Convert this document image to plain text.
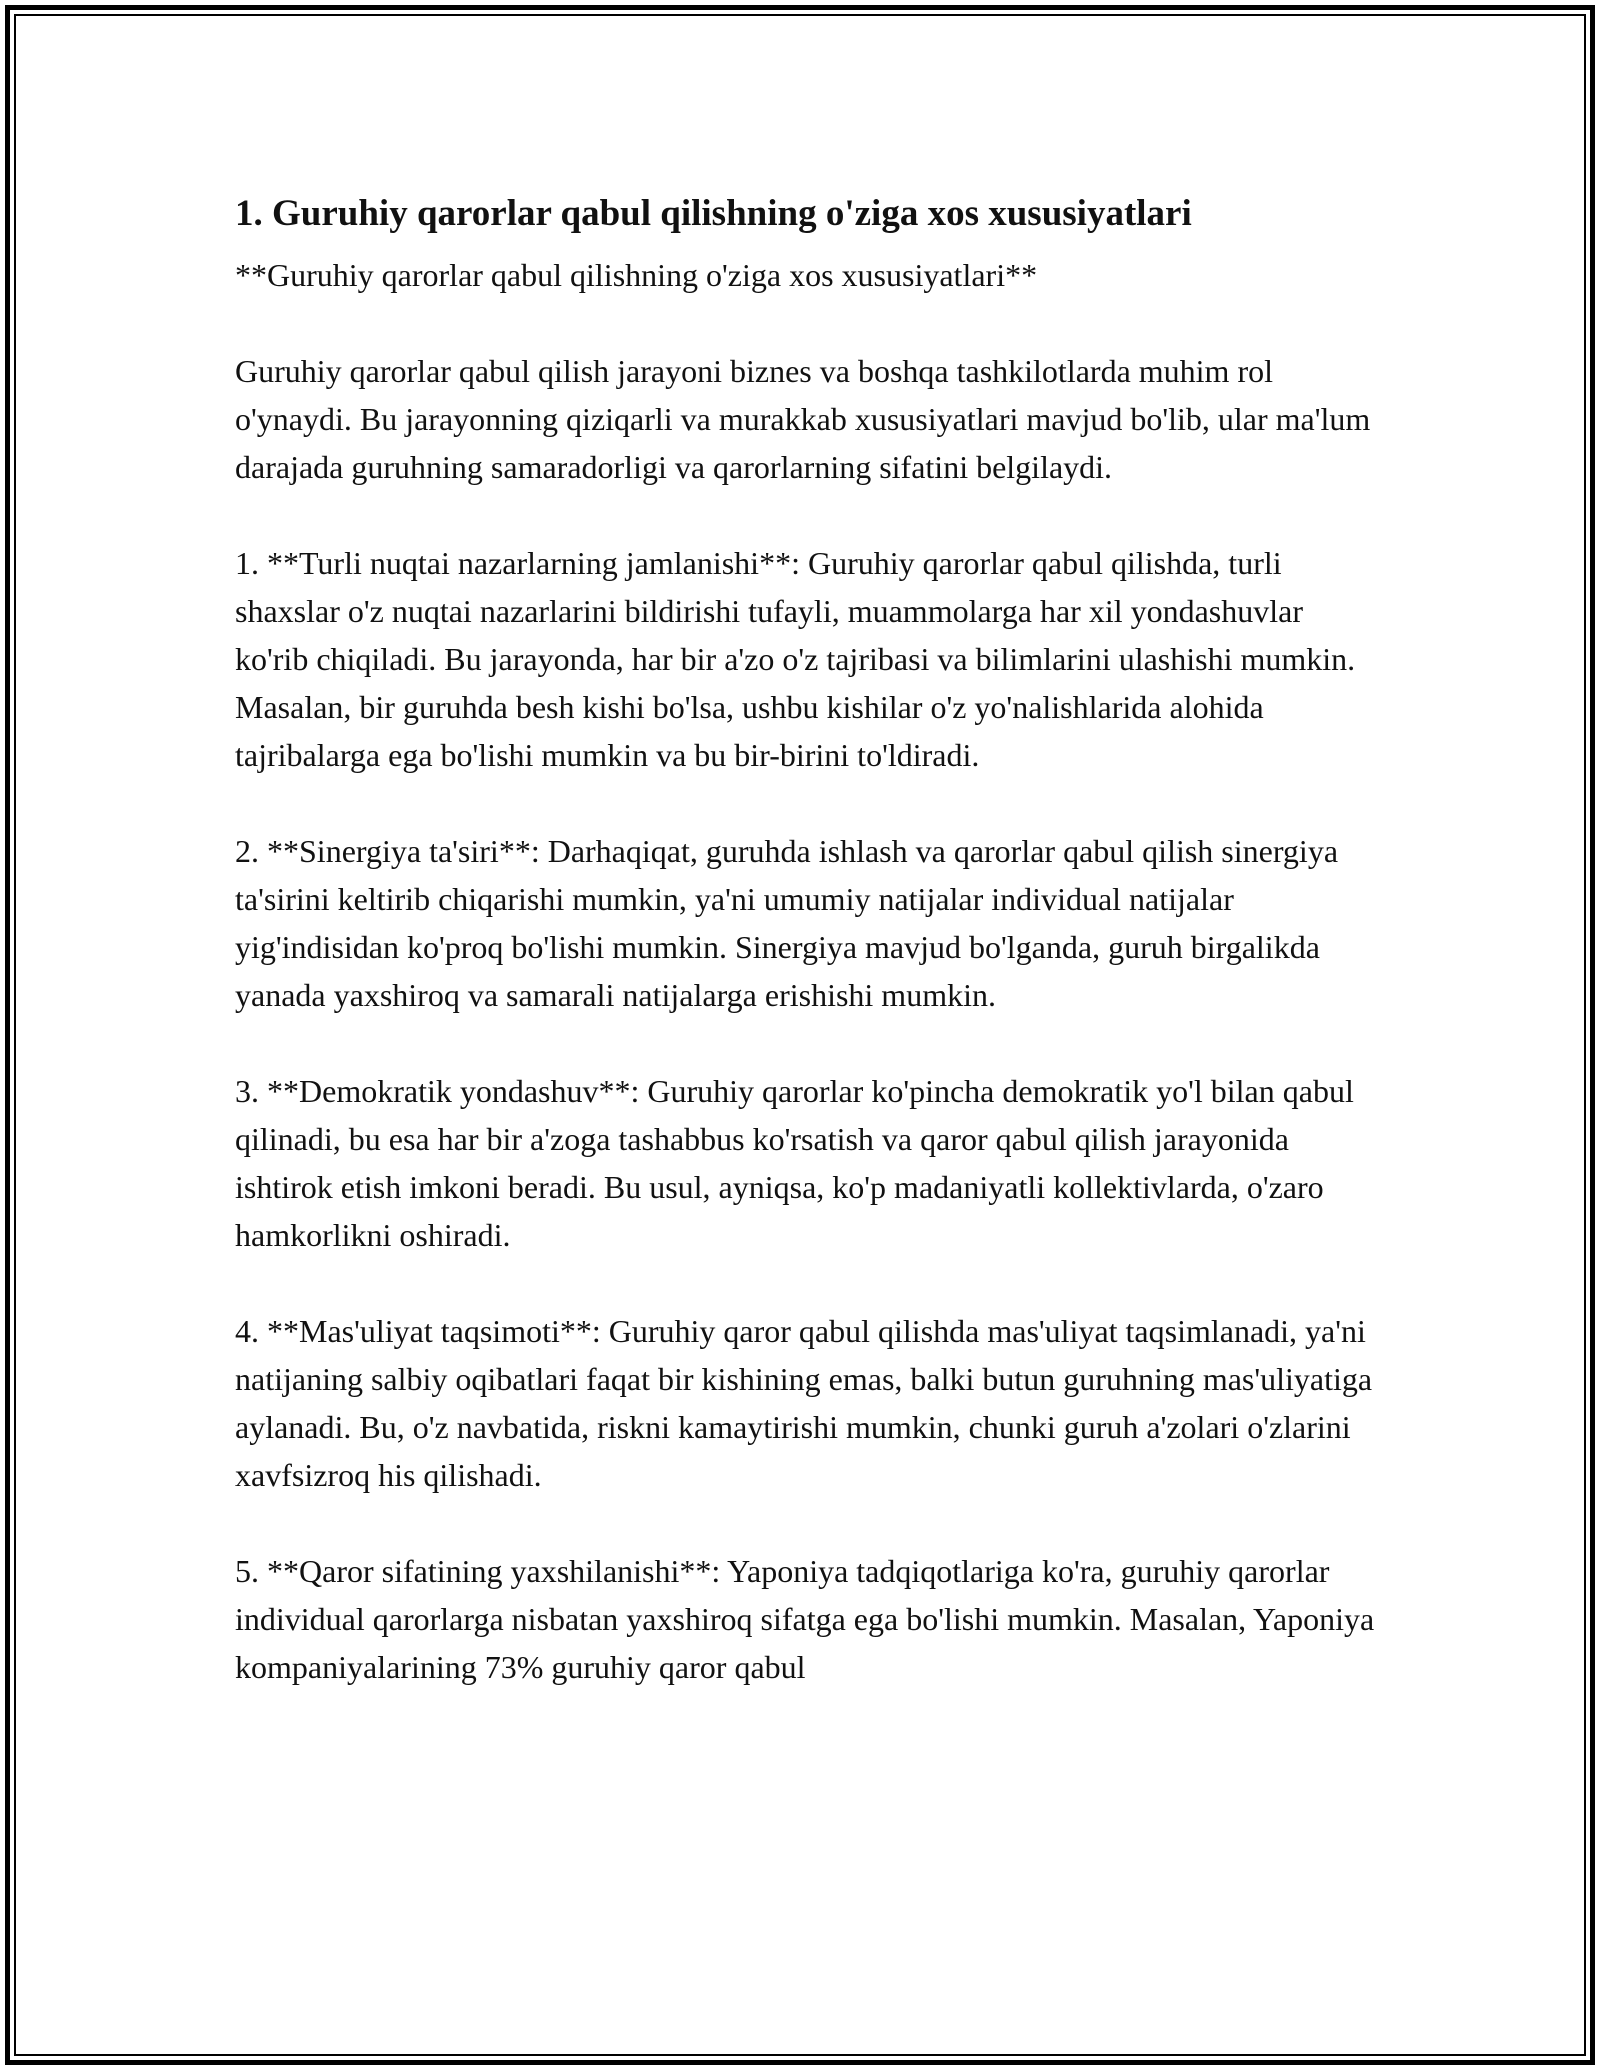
1. Guruhiy qarorlar qabul qilishning o'ziga xos xususiyatlari

**Guruhiy qarorlar qabul qilishning o'ziga xos xususiyatlari**

Guruhiy qarorlar qabul qilish jarayoni biznes va boshqa tashkilotlarda muhim rol o'ynaydi. Bu jarayonning qiziqarli va murakkab xususiyatlari mavjud bo'lib, ular ma'lum darajada guruhning samaradorligi va qarorlarning sifatini belgilaydi.

1. **Turli nuqtai nazarlarning jamlanishi**: Guruhiy qarorlar qabul qilishda, turli shaxslar o'z nuqtai nazarlarini bildirishi tufayli, muammolarga har xil yondashuvlar ko'rib chiqiladi. Bu jarayonda, har bir a'zo o'z tajribasi va bilimlarini ulashishi mumkin. Masalan, bir guruhda besh kishi bo'lsa, ushbu kishilar o'z yo'nalishlarida alohida tajribalarga ega bo'lishi mumkin va bu bir-birini to'ldiradi.

2. **Sinergiya ta'siri**: Darhaqiqat, guruhda ishlash va qarorlar qabul qilish sinergiya ta'sirini keltirib chiqarishi mumkin, ya'ni umumiy natijalar individual natijalar yig'indisidan ko'proq bo'lishi mumkin. Sinergiya mavjud bo'lganda, guruh birgalikda yanada yaxshiroq va samarali natijalarga erishishi mumkin.

3. **Demokratik yondashuv**: Guruhiy qarorlar ko'pincha demokratik yo'l bilan qabul qilinadi, bu esa har bir a'zoga tashabbus ko'rsatish va qaror qabul qilish jarayonida ishtirok etish imkoni beradi. Bu usul, ayniqsa, ko'p madaniyatli kollektivlarda, o'zaro hamkorlikni oshiradi.

4. **Mas'uliyat taqsimoti**: Guruhiy qaror qabul qilishda mas'uliyat taqsimlanadi, ya'ni natijaning salbiy oqibatlari faqat bir kishining emas, balki butun guruhning mas'uliyatiga aylanadi. Bu, o'z navbatida, riskni kamaytirishi mumkin, chunki guruh a'zolari o'zlarini xavfsizroq his qilishadi.

5. **Qaror sifatining yaxshilanishi**: Yaponiya tadqiqotlariga ko'ra, guruhiy qarorlar individual qarorlarga nisbatan yaxshiroq sifatga ega bo'lishi mumkin. Masalan, Yaponiya kompaniyalarining 73% guruhiy qaror qabul
